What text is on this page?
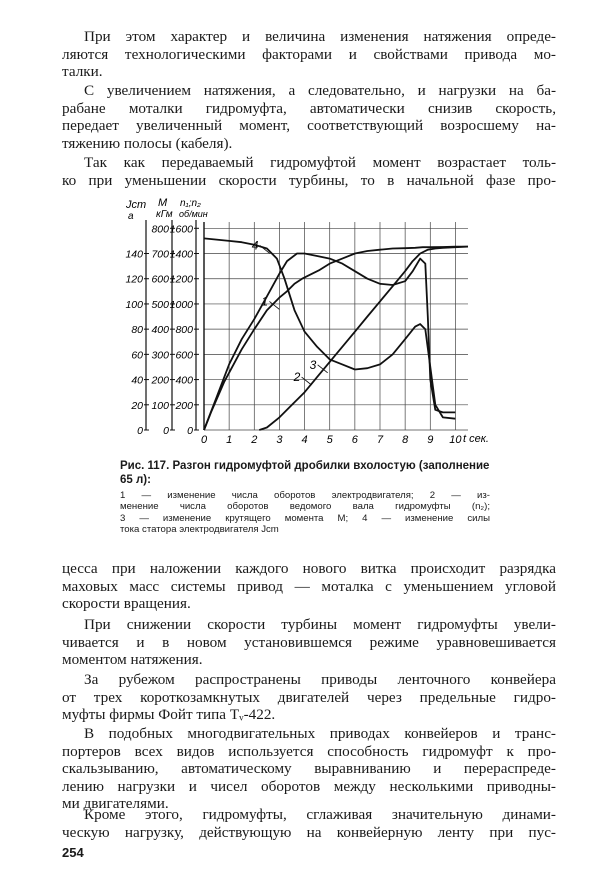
Jcm
a
M
кГм
n₁;n₂
об/мин
0
20
40
60
80
100
120
140
0
100
200
300
400
500
600
700
800
0
200
400
600
800
1000
1200
1400
1600
0 1 2 3 4 5 6 7 8 9 10
1
2
3
4
t сек.
Рис. 117. Разгон гидромуфтой дробилки вхолостую (заполнение 65 л):
1 — изменение числа оборотов электродвигателя; 2 — из-
менение числа оборотов ведомого вала гидромуфты (n₂);
3 — изменение крутящего момента M; 4 — изменение силы
тока статора электродвигателя Jcm
254
При этом характер и величина изменения натяжения опреде-
ляются технологическими факторами и свойствами привода мо-
талки.
С увеличением натяжения, а следовательно, и нагрузки на ба-
рабане моталки гидромуфта, автоматически снизив скорость,
передает увеличенный момент, соответствующий возросшему на-
тяжению полосы (кабеля).
Так как передаваемый гидромуфтой момент возрастает толь-
ко при уменьшении скорости турбины, то в начальной фазе про-
цесса при наложении каждого нового витка происходит разрядка
маховых масс системы привод — моталка с уменьшением угловой
скорости вращения.
При снижении скорости турбины момент гидромуфты увели-
чивается и в новом установившемся режиме уравновешивается
моментом натяжения.
За рубежом распространены приводы ленточного конвейера
от трех короткозамкнутых двигателей через предельные гидро-
муфты фирмы Фойт типа Tᵥ-422.
В подобных многодвигательных приводах конвейеров и транс-
портеров всех видов используется способность гидромуфт к про-
скальзыванию, автоматическому выравниванию и перераспреде-
лению нагрузки и чисел оборотов между несколькими приводны-
ми двигателями.
Кроме этого, гидромуфты, сглаживая значительную динами-
ческую нагрузку, действующую на конвейерную ленту при пус-
